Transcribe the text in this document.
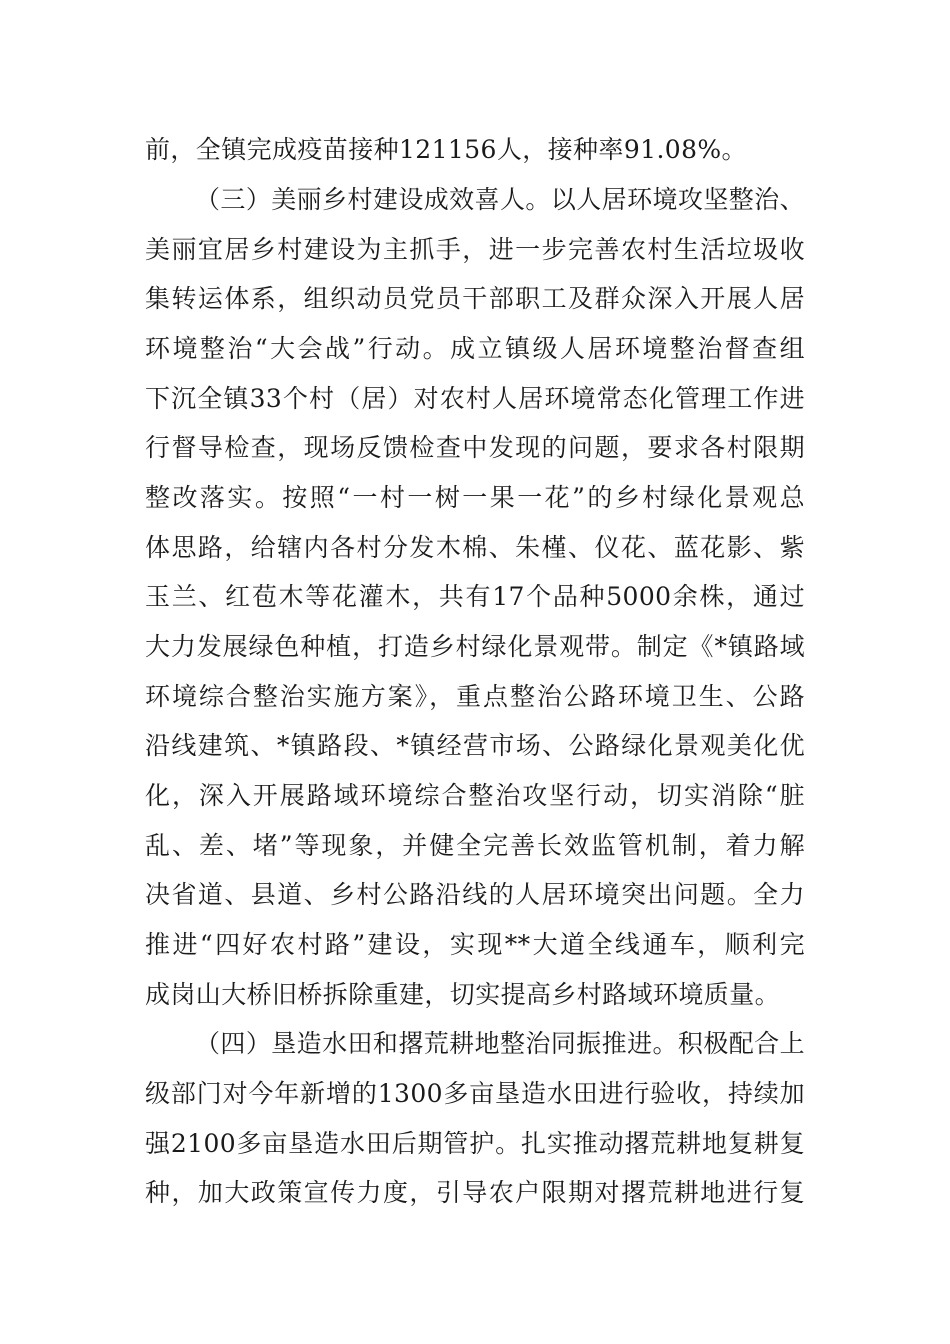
前，全镇完成疫苗接种121156人，接种率91.08%。
（三）美丽乡村建设成效喜人。以人居环境攻坚整治、
美丽宜居乡村建设为主抓手，进一步完善农村生活垃圾收
集转运体系，组织动员党员干部职工及群众深入开展人居
环境整治“大会战”行动。成立镇级人居环境整治督查组
下沉全镇33个村（居）对农村人居环境常态化管理工作进
行督导检查，现场反馈检查中发现的问题，要求各村限期
整改落实。按照“一村一树一果一花”的乡村绿化景观总
体思路，给辖内各村分发木棉、朱槿、仪花、蓝花影、紫
玉兰、红苞木等花灌木，共有17个品种5000余株，通过
大力发展绿色种植，打造乡村绿化景观带。制定《*镇路域
环境综合整治实施方案》，重点整治公路环境卫生、公路
沿线建筑、*镇路段、*镇经营市场、公路绿化景观美化优
化，深入开展路域环境综合整治攻坚行动，切实消除“脏
乱、差、堵”等现象，并健全完善长效监管机制，着力解
决省道、县道、乡村公路沿线的人居环境突出问题。全力
推进“四好农村路”建设，实现**大道全线通车，顺利完
成岗山大桥旧桥拆除重建，切实提高乡村路域环境质量。
（四）垦造水田和撂荒耕地整治同振推进。积极配合上
级部门对今年新增的1300多亩垦造水田进行验收，持续加
强2100多亩垦造水田后期管护。扎实推动撂荒耕地复耕复
种，加大政策宣传力度，引导农户限期对撂荒耕地进行复
